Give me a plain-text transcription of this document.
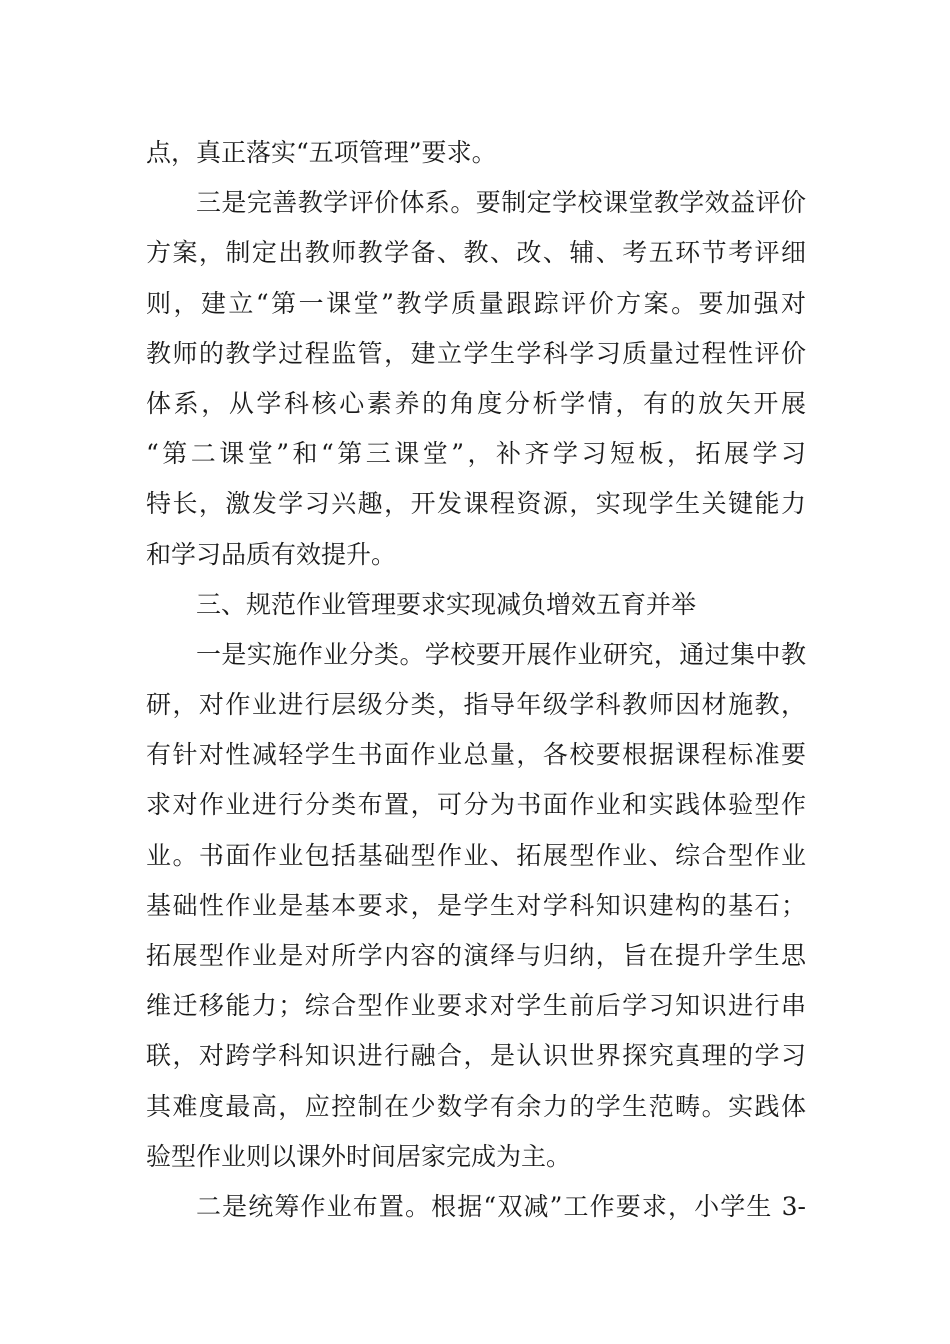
点，真正落实“五项管理”要求。
三是完善教学评价体系。要制定学校课堂教学效益评价
方案，制定出教师教学备、教、改、辅、考五环节考评细
则，建立“第一课堂”教学质量跟踪评价方案。要加强对
教师的教学过程监管，建立学生学科学习质量过程性评价
体系，从学科核心素养的角度分析学情，有的放矢开展
“第二课堂”和“第三课堂”，补齐学习短板，拓展学习
特长，激发学习兴趣，开发课程资源，实现学生关键能力
和学习品质有效提升。
三、规范作业管理要求实现减负增效五育并举
一是实施作业分类。学校要开展作业研究，通过集中教
研，对作业进行层级分类，指导年级学科教师因材施教，
有针对性减轻学生书面作业总量，各校要根据课程标准要
求对作业进行分类布置，可分为书面作业和实践体验型作
业。书面作业包括基础型作业、拓展型作业、综合型作业
基础性作业是基本要求，是学生对学科知识建构的基石；
拓展型作业是对所学内容的演绎与归纳，旨在提升学生思
维迁移能力；综合型作业要求对学生前后学习知识进行串
联，对跨学科知识进行融合，是认识世界探究真理的学习
其难度最高，应控制在少数学有余力的学生范畴。实践体
验型作业则以课外时间居家完成为主。
二是统筹作业布置。根据“双减”工作要求，小学生 3-
